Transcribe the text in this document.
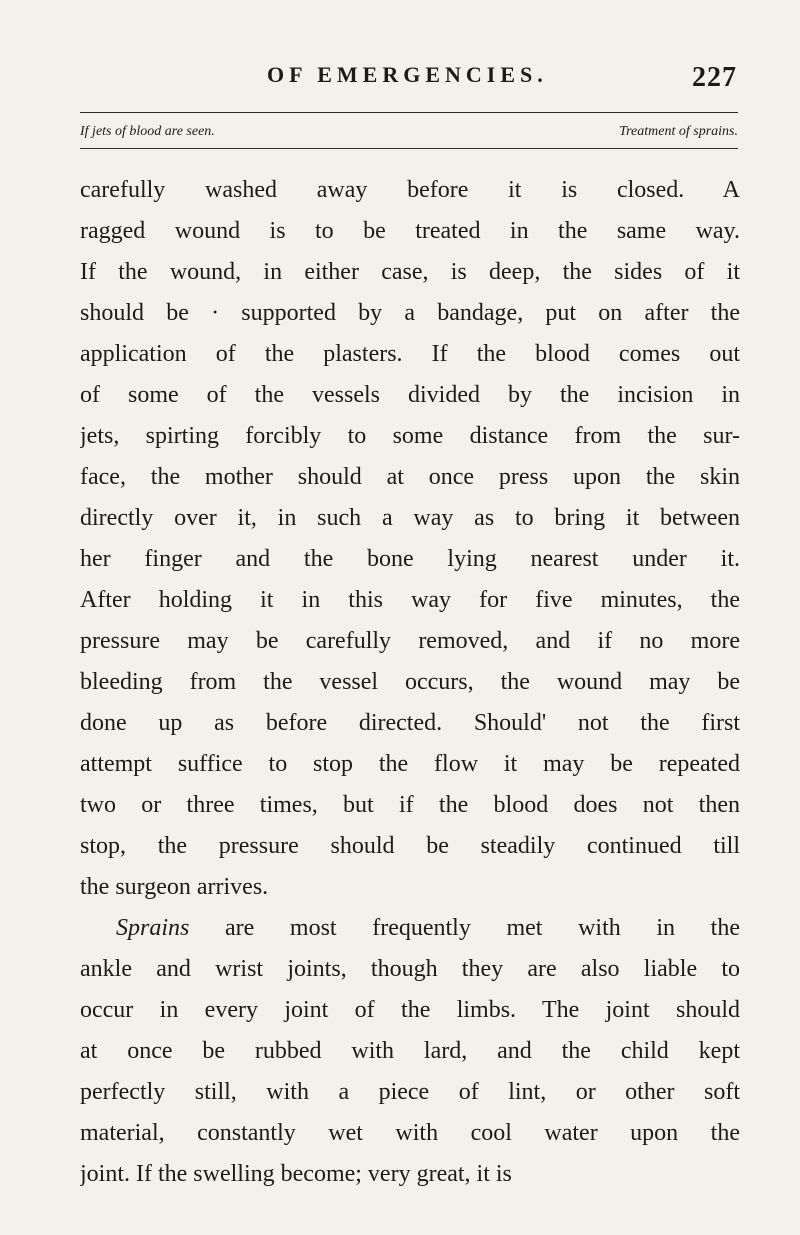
OF EMERGENCIES.	227
If jets of blood are seen.	Treatment of sprains.
carefully washed away before it is closed. A
ragged wound is to be treated in the same way.
If the wound, in either case, is deep, the sides of it
should be · supported by a bandage, put on after the
application of the plasters. If the blood comes out
of some of the vessels divided by the incision in
jets, spirting forcibly to some distance from the sur-
face, the mother should at once press upon the skin
directly over it, in such a way as to bring it between
her finger and the bone lying nearest under it.
After holding it in this way for five minutes, the
pressure may be carefully removed, and if no more
bleeding from the vessel occurs, the wound may be
done up as before directed. Should' not the first
attempt suffice to stop the flow it may be repeated
two or three times, but if the blood does not then
stop, the pressure should be steadily continued till
the surgeon arrives.
Sprains are most frequently met with in the
ankle and wrist joints, though they are also liable to
occur in every joint of the limbs. The joint should
at once be rubbed with lard, and the child kept
perfectly still, with a piece of lint, or other soft
material, constantly wet with cool water upon the
joint. If the swelling become; very great, it is
